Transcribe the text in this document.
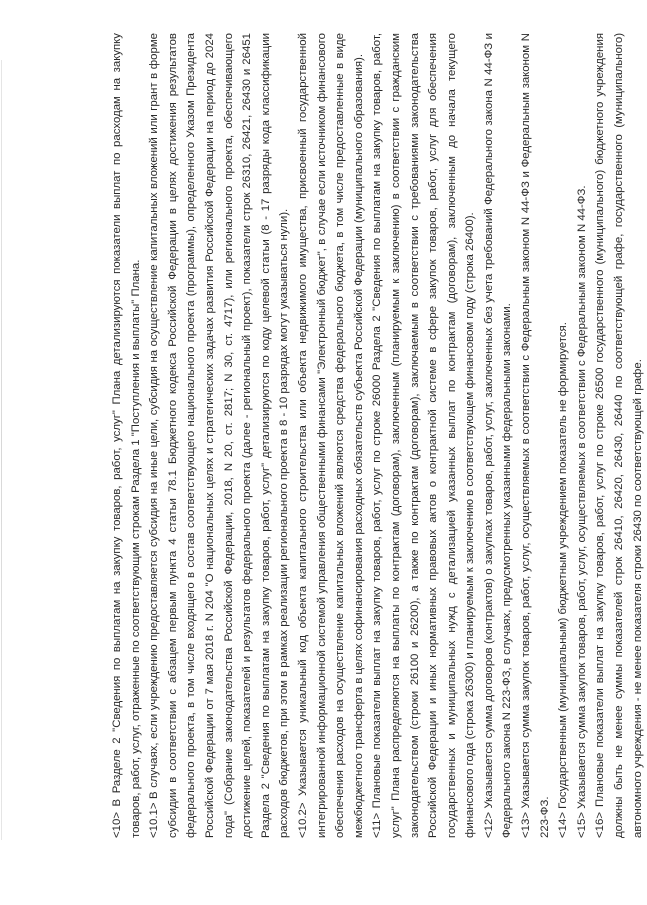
<10> В Разделе 2 "Сведения по выплатам на закупку товаров, работ, услуг" Плана детализируются показатели выплат по расходам на закупку товаров, работ, услуг, отраженные по соответствующим строкам Раздела 1 "Поступления и выплаты" Плана. <10.1> В случаях, если учреждению предоставляется субсидия на иные цели, субсидия на осуществление капитальных вложений или грант в форме субсидии в соответствии с абзацем первым пункта 4 статьи 78.1 Бюджетного кодекса Российской Федерации в целях достижения результатов федерального проекта, в том числе входящего в состав соответствующего национального проекта (программы), определенного Указом Президента Российской Федерации от 7 мая 2018 г. N 204 "О национальных целях и стратегических задачах развития Российской Федерации на период до 2024 года" (Собрание законодательства Российской Федерации, 2018, N 20, ст. 2817; N 30, ст. 4717), или регионального проекта, обеспечивающего достижение целей, показателей и результатов федерального проекта (далее - региональный проект), показатели строк 26310, 26421, 26430 и 26451 Раздела 2 "Сведения по выплатам на закупку товаров, работ, услуг" детализируются по коду целевой статьи (8 - 17 разряды кода классификации расходов бюджетов, при этом в рамках реализации регионального проекта в 8 - 10 разрядах могут указываться нули). <10.2> Указывается уникальный код объекта капитального строительства или объекта недвижимого имущества, присвоенный государственной интегрированной информационной системой управления общественными финансами "Электронный бюджет", в случае если источником финансового обеспечения расходов на осуществление капитальных вложений являются средства федерального бюджета, в том числе предоставленные в виде межбюджетного трансферта в целях софинансирования расходных обязательств субъекта Российской Федерации (муниципального образования). <11> Плановые показатели выплат на закупку товаров, работ, услуг по строке 26000 Раздела 2 "Сведения по выплатам на закупку товаров, работ, услуг" Плана распределяются на выплаты по контрактам (договорам), заключенным (планируемым к заключению) в соответствии с гражданским законодательством (строки 26100 и 26200), а также по контрактам (договорам), заключаемым в соответствии с требованиями законодательства Российской Федерации и иных нормативных правовых актов о контрактной системе в сфере закупок товаров, работ, услуг для обеспечения государственных и муниципальных нужд с детализацией указанных выплат по контрактам (договорам), заключенным до начала текущего финансового года (строка 26300) и планируемым к заключению в соответствующем финансовом году (строка 26400). <12> Указывается сумма договоров (контрактов) о закупках товаров, работ, услуг, заключенных без учета требований Федерального закона N 44-ФЗ и Федерального закона N 223-ФЗ, в случаях, предусмотренных указанными федеральными законами. <13> Указывается сумма закупок товаров, работ, услуг, осуществляемых в соответствии с Федеральным законом N 44-ФЗ и Федеральным законом N 223-ФЗ. <14> Государственным (муниципальным) бюджетным учреждением показатель не формируется. <15> Указывается сумма закупок товаров, работ, услуг, осуществляемых в соответствии с Федеральным законом N 44-ФЗ. <16> Плановые показатели выплат на закупку товаров, работ, услуг по строке 26500 государственного (муниципального) бюджетного учреждения должны быть не менее суммы показателей строк 26410, 26420, 26430, 26440 по соответствующей графе, государственного (муниципального) автономного учреждения - не менее показателя строки 26430 по соответствующей графе.
